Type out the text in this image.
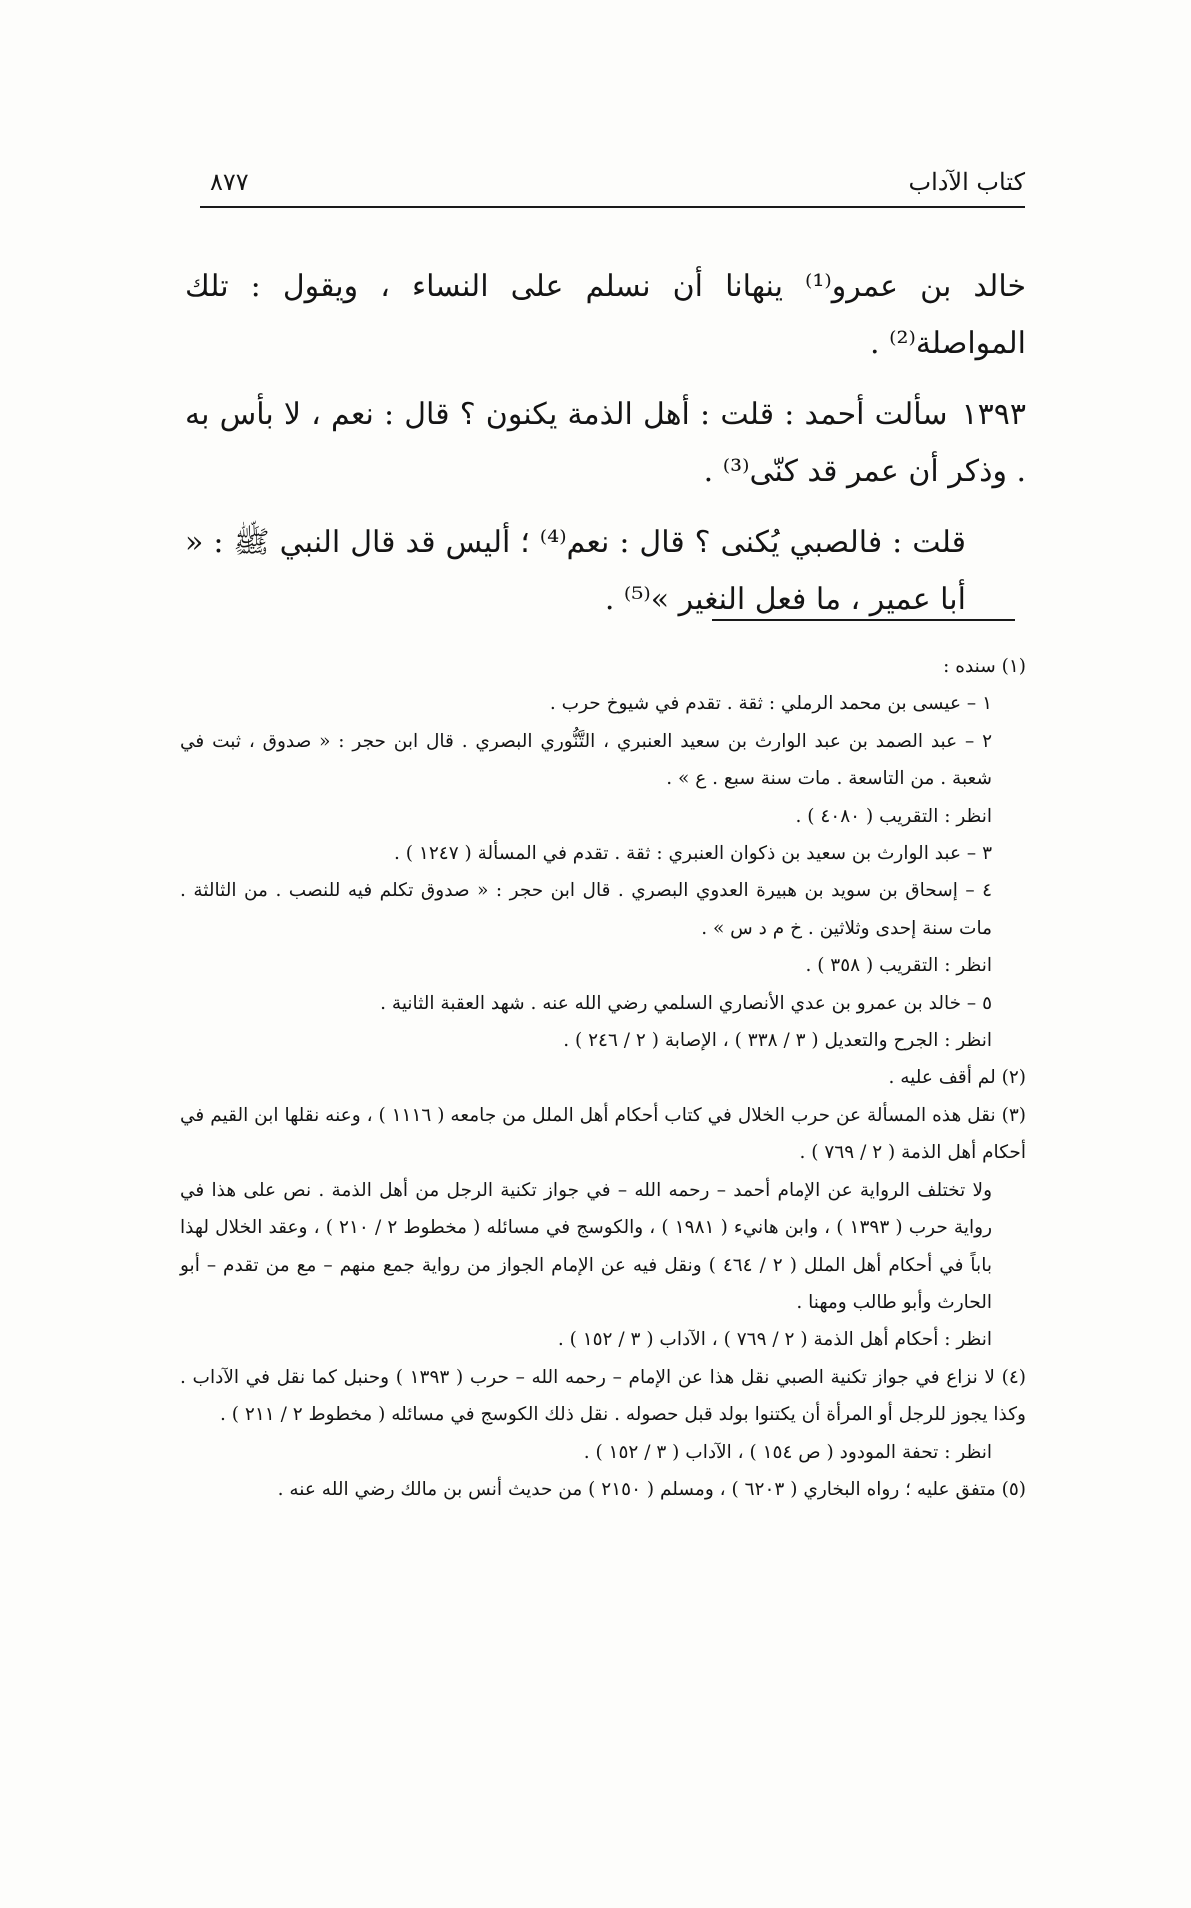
كتاب الآداب
٨٧٧

خالد بن عمرو⁽¹⁾ ينهانا أن نسلم على النساء ، ويقول : تلك المواصلة⁽²⁾ .

١٣٩٣سألت أحمد : قلت : أهل الذمة يكنون ؟ قال : نعم ، لا بأس به . وذكر أن عمر قد كنّى⁽³⁾ .

قلت : فالصبي يُكنى ؟ قال : نعم⁽⁴⁾ ؛ أليس قد قال النبي ﷺ : « أبا عمير ، ما فعل النغير »⁽⁵⁾ .

(١) سنده :

١ – عيسى بن محمد الرملي : ثقة . تقدم في شيوخ حرب .

٢ – عبد الصمد بن عبد الوارث بن سعيد العنبري ، التَّنُّوري البصري . قال ابن حجر : « صدوق ، ثبت في شعبة . من التاسعة . مات سنة سبع . ع » .

انظر : التقريب ( ٤٠٨٠ ) .

٣ – عبد الوارث بن سعيد بن ذكوان العنبري : ثقة . تقدم في المسألة ( ١٢٤٧ ) .

٤ – إسحاق بن سويد بن هبيرة العدوي البصري . قال ابن حجر : « صدوق تكلم فيه للنصب . من الثالثة . مات سنة إحدى وثلاثين . خ م د س » .

انظر : التقريب ( ٣٥٨ ) .

٥ – خالد بن عمرو بن عدي الأنصاري السلمي رضي الله عنه . شهد العقبة الثانية .

انظر : الجرح والتعديل ( ٣ / ٣٣٨ ) ، الإصابة ( ٢ / ٢٤٦ ) .

(٢) لم أقف عليه .

(٣) نقل هذه المسألة عن حرب الخلال في كتاب أحكام أهل الملل من جامعه ( ١١١٦ ) ، وعنه نقلها ابن القيم في أحكام أهل الذمة ( ٢ / ٧٦٩ ) .

ولا تختلف الرواية عن الإمام أحمد – رحمه الله – في جواز تكنية الرجل من أهل الذمة . نص على هذا في رواية حرب ( ١٣٩٣ ) ، وابن هانيء ( ١٩٨١ ) ، والكوسج في مسائله ( مخطوط ٢ / ٢١٠ ) ، وعقد الخلال لهذا باباً في أحكام أهل الملل ( ٢ / ٤٦٤ ) ونقل فيه عن الإمام الجواز من رواية جمع منهم – مع من تقدم – أبو الحارث وأبو طالب ومهنا .

انظر : أحكام أهل الذمة ( ٢ / ٧٦٩ ) ، الآداب ( ٣ / ١٥٢ ) .

(٤) لا نزاع في جواز تكنية الصبي نقل هذا عن الإمام – رحمه الله – حرب ( ١٣٩٣ ) وحنبل كما نقل في الآداب . وكذا يجوز للرجل أو المرأة أن يكتنوا بولد قبل حصوله . نقل ذلك الكوسج في مسائله ( مخطوط ٢ / ٢١١ ) .

انظر : تحفة المودود ( ص ١٥٤ ) ، الآداب ( ٣ / ١٥٢ ) .

(٥) متفق عليه ؛ رواه البخاري ( ٦٢٠٣ ) ، ومسلم ( ٢١٥٠ ) من حديث أنس بن مالك رضي الله عنه .
